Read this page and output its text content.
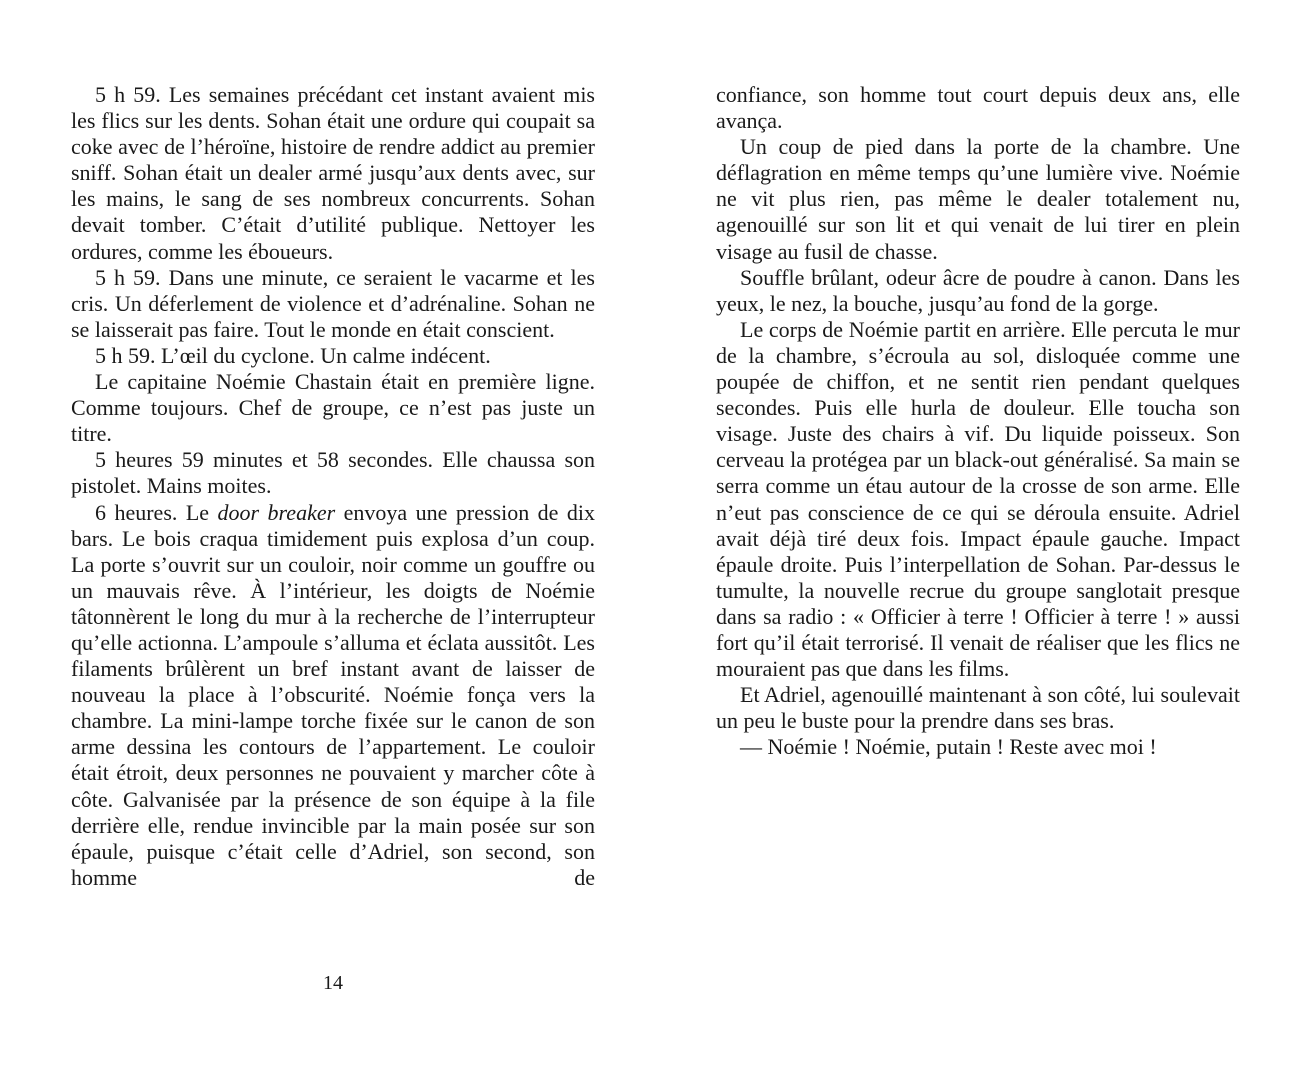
5 h 59. Les semaines précédant cet instant avaient mis les flics sur les dents. Sohan était une ordure qui coupait sa coke avec de l’héroïne, histoire de rendre addict au premier sniff. Sohan était un dealer armé jusqu’aux dents avec, sur les mains, le sang de ses nombreux concurrents. Sohan devait tomber. C’était d’utilité publique. Nettoyer les ordures, comme les éboueurs.

5 h 59. Dans une minute, ce seraient le vacarme et les cris. Un déferlement de violence et d’adrénaline. Sohan ne se laisserait pas faire. Tout le monde en était conscient.

5 h 59. L’œil du cyclone. Un calme indécent.

Le capitaine Noémie Chastain était en première ligne. Comme toujours. Chef de groupe, ce n’est pas juste un titre.

5 heures 59 minutes et 58 secondes. Elle chaussa son pistolet. Mains moites.

6 heures. Le door breaker envoya une pression de dix bars. Le bois craqua timidement puis explosa d’un coup. La porte s’ouvrit sur un couloir, noir comme un gouffre ou un mauvais rêve. À l’intérieur, les doigts de Noémie tâtonnèrent le long du mur à la recherche de l’interrupteur qu’elle actionna. L’ampoule s’alluma et éclata aussitôt. Les filaments brûlèrent un bref instant avant de laisser de nouveau la place à l’obscurité. Noémie fonça vers la chambre. La mini-lampe torche fixée sur le canon de son arme dessina les contours de l’appartement. Le couloir était étroit, deux personnes ne pouvaient y marcher côte à côte. Galvanisée par la présence de son équipe à la file derrière elle, rendue invincible par la main posée sur son épaule, puisque c’était celle d’Adriel, son second, son homme de

14

confiance, son homme tout court depuis deux ans, elle avança.

Un coup de pied dans la porte de la chambre. Une déflagration en même temps qu’une lumière vive. Noémie ne vit plus rien, pas même le dealer totalement nu, agenouillé sur son lit et qui venait de lui tirer en plein visage au fusil de chasse.

Souffle brûlant, odeur âcre de poudre à canon. Dans les yeux, le nez, la bouche, jusqu’au fond de la gorge.

Le corps de Noémie partit en arrière. Elle percuta le mur de la chambre, s’écroula au sol, disloquée comme une poupée de chiffon, et ne sentit rien pendant quelques secondes. Puis elle hurla de douleur. Elle toucha son visage. Juste des chairs à vif. Du liquide poisseux. Son cerveau la protégea par un black-out généralisé. Sa main se serra comme un étau autour de la crosse de son arme. Elle n’eut pas conscience de ce qui se déroula ensuite. Adriel avait déjà tiré deux fois. Impact épaule gauche. Impact épaule droite. Puis l’interpellation de Sohan. Par-dessus le tumulte, la nouvelle recrue du groupe sanglotait presque dans sa radio : « Officier à terre ! Officier à terre ! » aussi fort qu’il était terrorisé. Il venait de réaliser que les flics ne mouraient pas que dans les films.

Et Adriel, agenouillé maintenant à son côté, lui soulevait un peu le buste pour la prendre dans ses bras.

— Noémie ! Noémie, putain ! Reste avec moi !
